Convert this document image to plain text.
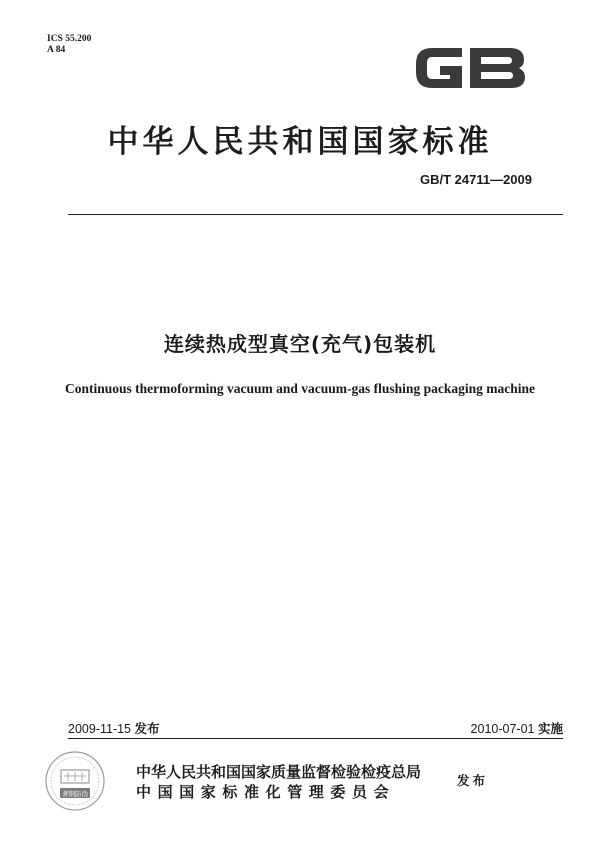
ICS 55.200
A 84
中华人民共和国国家标准
GB/T 24711—2009
连续热成型真空(充气)包装机
Continuous thermoforming vacuum and vacuum-gas flushing packaging machine
2009-11-15 发布	2010-07-01 实施
著钢防伪
中华人民共和国国家质量监督检验检疫总局
中国国家标准化管理委员会
发布
